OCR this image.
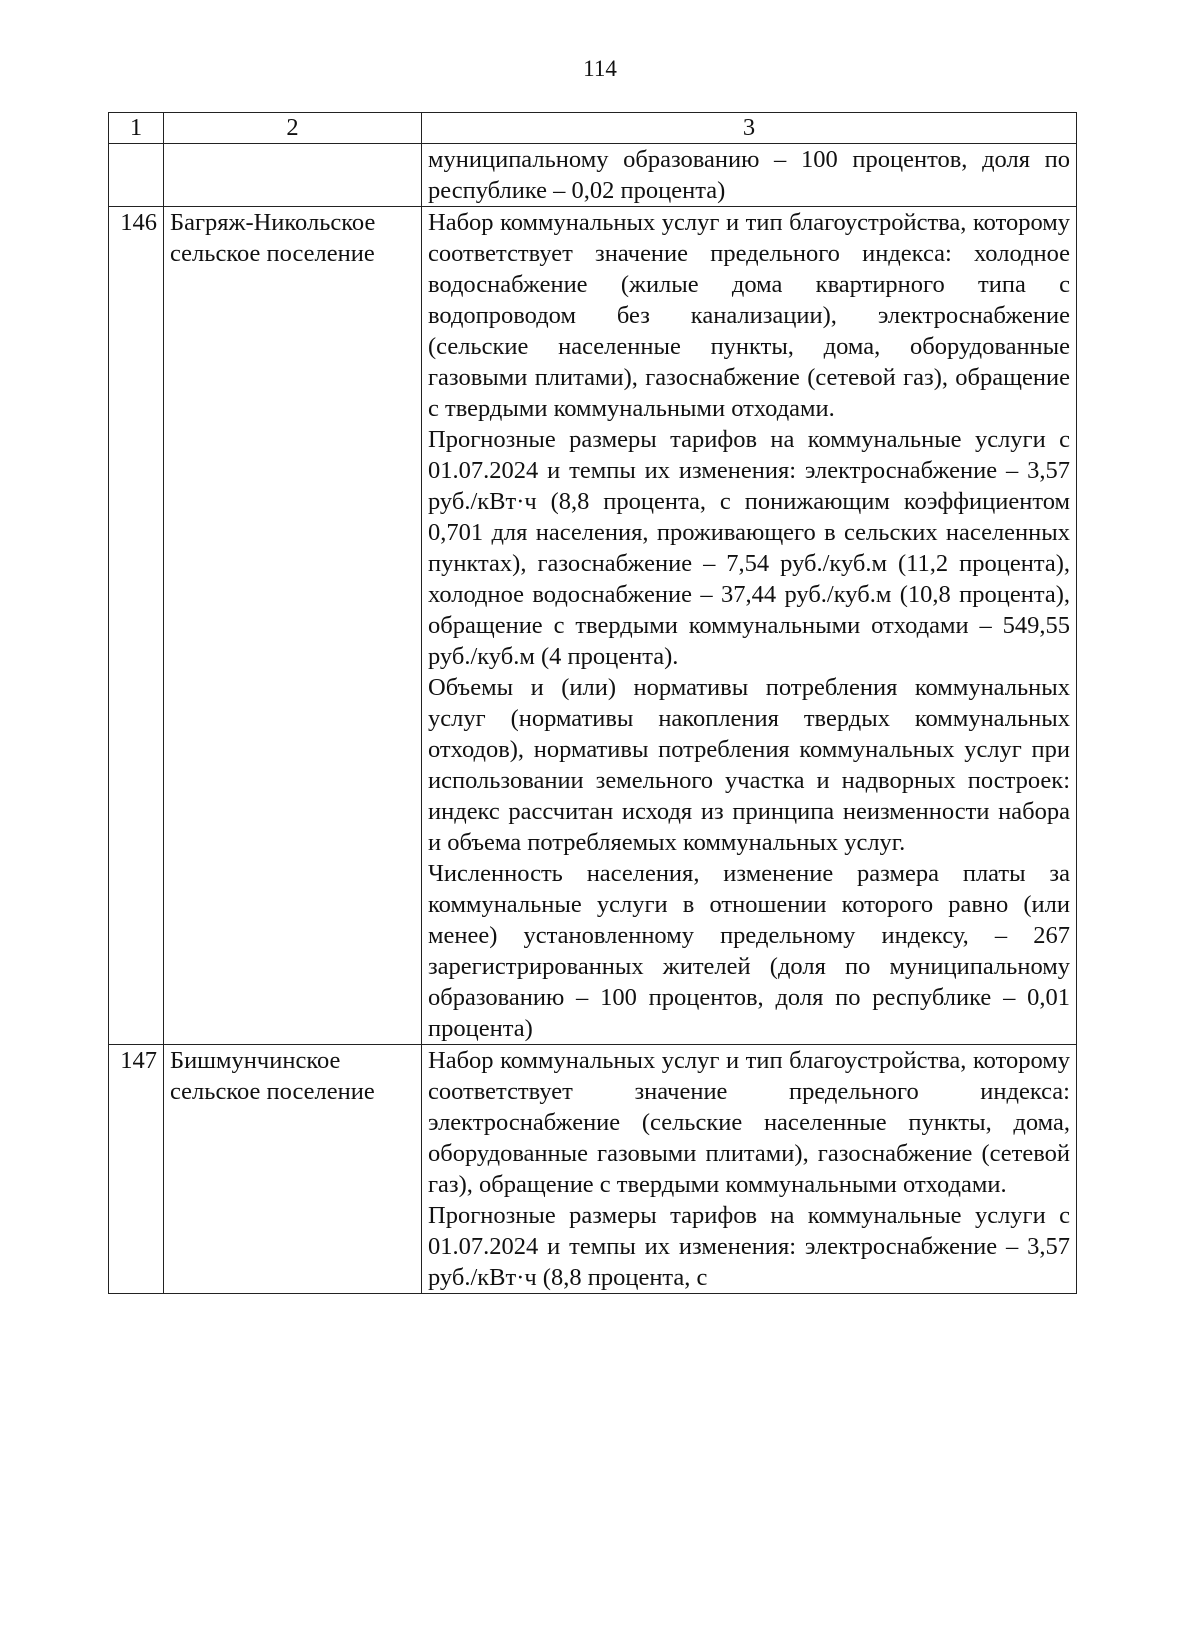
114
1	2	3

		муниципальному образованию – 100 процентов, доля по республике – 0,02 процента)

146	Багряж-Никольское сельское поселение	Набор коммунальных услуг и тип благоустройства, которому соответствует значение предельного индекса: холодное водоснабжение (жилые дома квартирного типа с водопроводом без канализации), электроснабжение (сельские населенные пункты, дома, оборудованные газовыми плитами), газоснабжение (сетевой газ), обращение с твердыми коммунальными отходами.

Прогнозные размеры тарифов на коммунальные услуги с 01.07.2024 и темпы их изменения: электроснабжение – 3,57 руб./кВт·ч (8,8 процента, с понижающим коэффициентом 0,701 для населения, проживающего в сельских населенных пунктах), газоснабжение – 7,54 руб./куб.м (11,2 процента), холодное водоснабжение – 37,44 руб./куб.м (10,8 процента), обращение с твердыми коммунальными отходами – 549,55 руб./куб.м (4 процента).

Объемы и (или) нормативы потребления коммунальных услуг (нормативы накопления твердых коммунальных отходов), нормативы потребления коммунальных услуг при использовании земельного участка и надворных построек: индекс рассчитан исходя из принципа неизменности набора и объема потребляемых коммунальных услуг.

Численность населения, изменение размера платы за коммунальные услуги в отношении которого равно (или менее) установленному предельному индексу, – 267 зарегистрированных жителей (доля по муниципальному образованию – 100 процентов, доля по республике – 0,01 процента)

147	Бишмунчинское сельское поселение	Набор коммунальных услуг и тип благоустройства, которому соответствует значение предельного индекса: электроснабжение (сельские населенные пункты, дома, оборудованные газовыми плитами), газоснабжение (сетевой газ), обращение с твердыми коммунальными отходами.

Прогнозные размеры тарифов на коммунальные услуги с 01.07.2024 и темпы их изменения: электроснабжение – 3,57 руб./кВт·ч (8,8 процента, с
